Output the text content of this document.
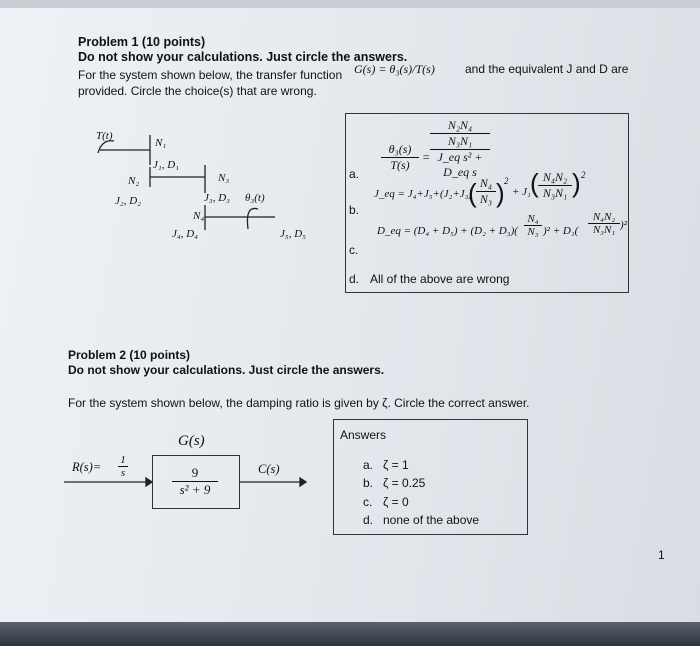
Problem 1 (10 points)
Do not show your calculations. Just circle the answers.
For the system shown below, the transfer function G(s) = θ₃(s)/T(s)	and the equivalent J and D are
provided. Circle the choice(s) that are wrong.
T(t)
N₁
J₁, D₁
N₂
J₂, D₂
N₃
J₃, D₃ θ₃(t)
N₄
J₄, D₄	J₅, D₅
a.
$\frac{\text{θ₃(s)}}{T(s)}$ =
N₂N₄
N₃N₁
J_eq s² + D_eq s
b.
J_eq = J₄+J₅+(J₂+J₃)
( $\frac{\text{N₄}}{\text{N₃}}$ ) 2
+ J₁ ( $\frac{\text{N₄N₂}}{\text{N₃N₁}}$ ) 2
D_eq = $(D_4 + D_5) + (D_2 + D_3)( \frac{\text{N₄}}{\text{N₃}} )^2 + D_1( \frac{\text{N₄N₂}}{\text{N₃N₁}} )^2$
c.
d. All of the above are wrong
Problem 2 (10 points)
Do not show your calculations. Just circle the answers.
For the system shown below, the damping ratio is given by ζ. Circle the correct answer.
G(s)
$R(s)= \frac{1}{s}$	$\frac{9}{\text{s² + 9}}$	C(s)
Answers
a. ζ = 1
b. ζ = 0.25
c. ζ = 0
d. none of the above
1
